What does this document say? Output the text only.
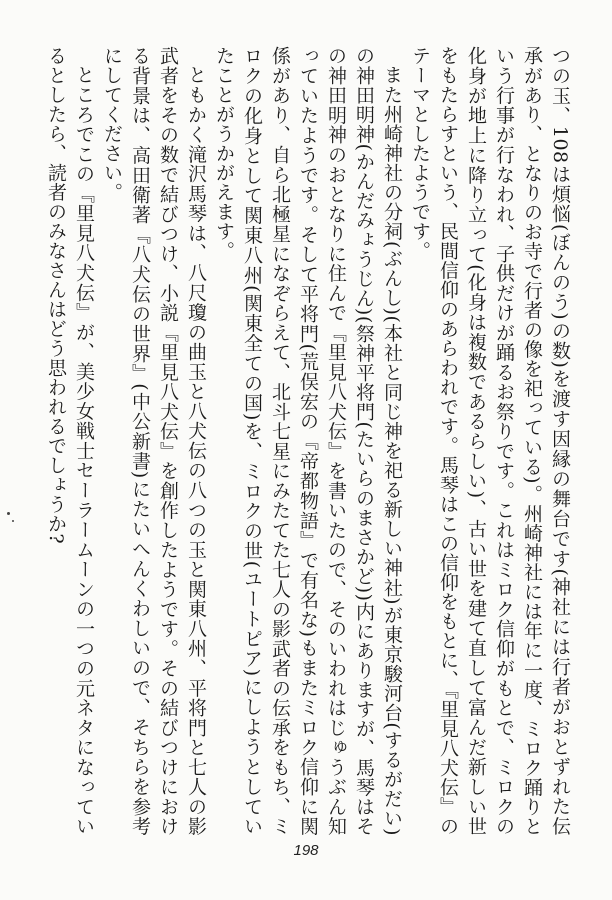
つの玉、108は煩悩(ぼんのう)の数)を渡す因縁の舞台です(神社には行者がおとずれた伝承があり、となりのお寺で行者の像を祀っている)。州崎神社には年に一度、ミロク踊りという行事が行なわれ、子供だけが踊るお祭りです。これはミロク信仰がもとで、ミロクの化身が地上に降り立って(化身は複数であるらしい)、古い世を建て直して富んだ新しい世をもたらすという、民間信仰のあらわれです。馬琴はこの信仰をもとに、『里見八犬伝』のテーマとしたようです。

また州崎神社の分祠(ぶんし)(本社と同じ神を祀る新しい神社)が東京駿河台(するがだい)の神田明神(かんだみょうじん)(祭神平将門(たいらのまさかど))内にありますが、馬琴はその神田明神のおとなりに住んで『里見八犬伝』を書いたので、そのいわれはじゅうぶん知っていたようです。そして平将門(荒俣宏の『帝都物語』で有名な)もまたミロク信仰に関係があり、自ら北極星になぞらえて、北斗七星にみたてた七人の影武者の伝承をもち、ミロクの化身として関東八州(関東全ての国)を、ミロクの世(ユートピア)にしようとしていたことがうかがえます。

ともかく滝沢馬琴は、八尺瓊の曲玉と八犬伝の八つの玉と関東八州、平将門と七人の影武者をその数で結びつけ、小説『里見八犬伝』を創作したようです。その結びつけにおける背景は、高田衛著『八犬伝の世界』(中公新書)にたいへんくわしいので、そちらを参考にしてください。

ところでこの『里見八犬伝』が、美少女戦士セーラームーンの一つの元ネタになっているとしたら、読者のみなさんはどう思われるでしょうか?

198
